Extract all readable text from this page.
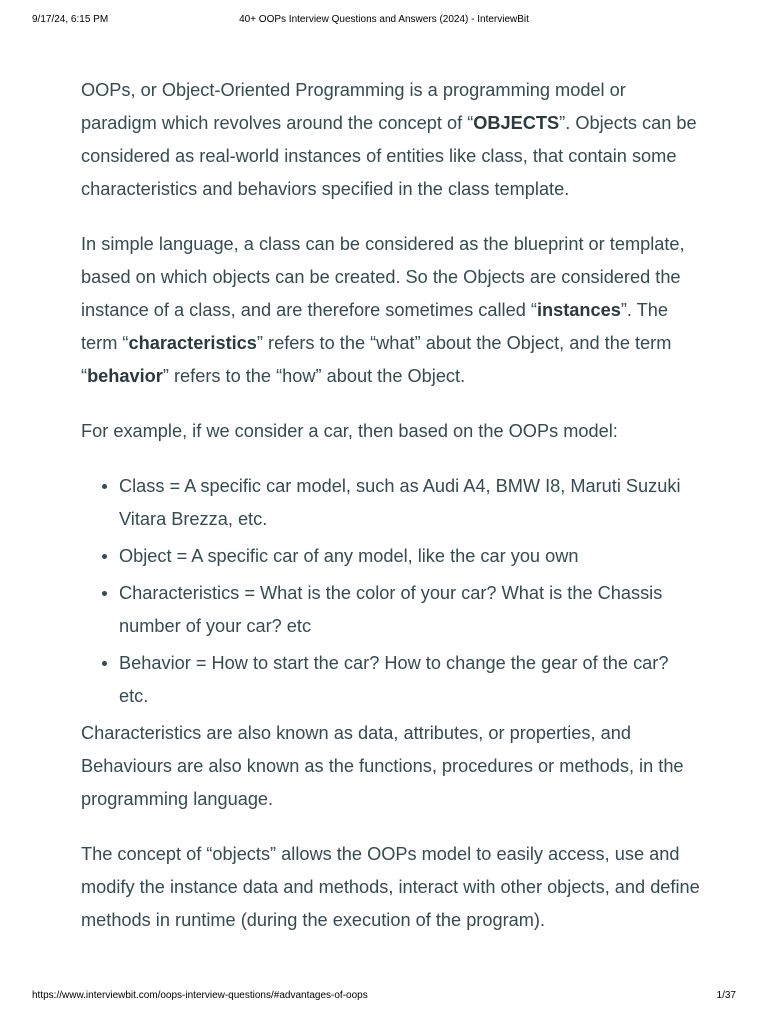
9/17/24, 6:15 PM	40+ OOPs Interview Questions and Answers (2024) - InterviewBit

OOPs, or Object-Oriented Programming is a programming model or paradigm which revolves around the concept of “OBJECTS”. Objects can be considered as real-world instances of entities like class, that contain some characteristics and behaviors specified in the class template.

In simple language, a class can be considered as the blueprint or template, based on which objects can be created. So the Objects are considered the instance of a class, and are therefore sometimes called “instances”. The term “characteristics” refers to the “what” about the Object, and the term “behavior” refers to the “how” about the Object.

For example, if we consider a car, then based on the OOPs model:

Class = A specific car model, such as Audi A4, BMW I8, Maruti Suzuki Vitara Brezza, etc.
Object = A specific car of any model, like the car you own
Characteristics = What is the color of your car? What is the Chassis number of your car? etc
Behavior = How to start the car? How to change the gear of the car? etc.

Characteristics are also known as data, attributes, or properties, and Behaviours are also known as the functions, procedures or methods, in the programming language.

The concept of “objects” allows the OOPs model to easily access, use and modify the instance data and methods, interact with other objects, and define methods in runtime (during the execution of the program).

https://www.interviewbit.com/oops-interview-questions/#advantages-of-oops	1/37
